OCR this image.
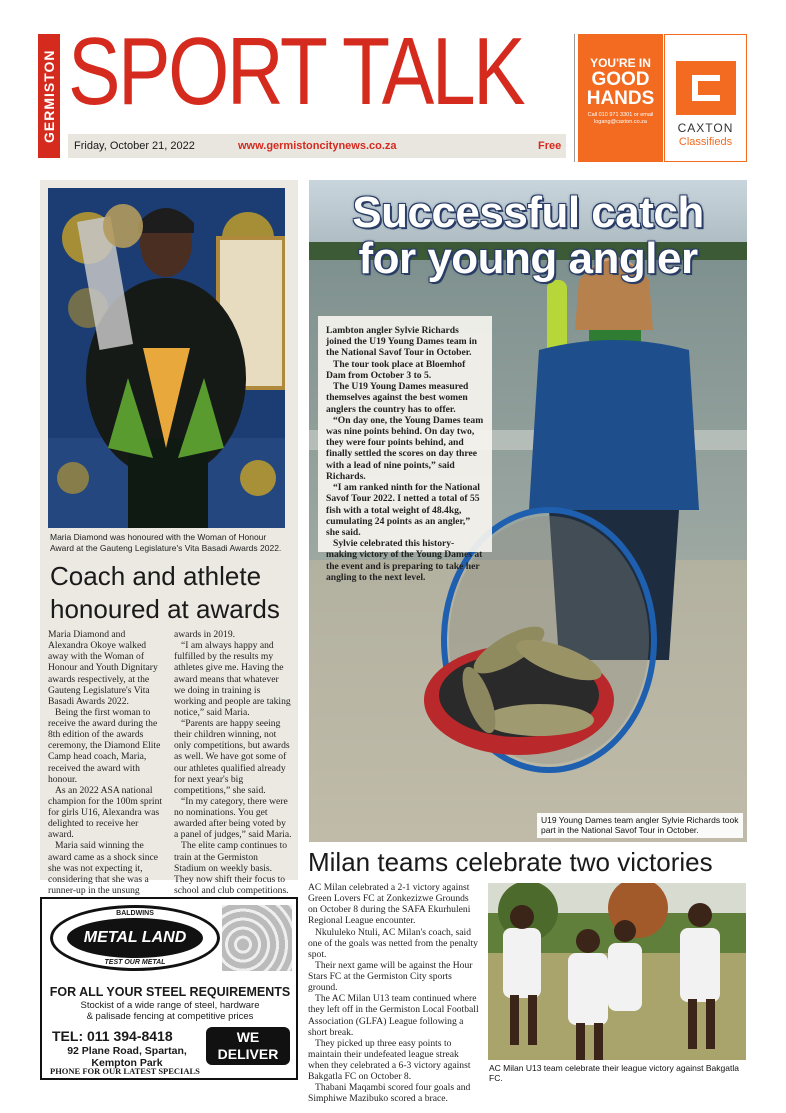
GERMISTON SPORT TALK
Friday, October 21, 2022	www.germistoncitynews.co.za	Free
YOU'RE IN
GOOD
HANDS
Call 010 971 3301 or email
logang@caxton.co.za	CAXTON
Classifieds
Maria Diamond was honoured with the Woman of Honour Award at the Gauteng Legislature's Vita Basadi Awards 2022.
Coach and athlete honoured at awards

Maria Diamond and Alexandra Okoye walked away with the Woman of Honour and Youth Dignitary awards respectively, at the Gauteng Legislature's Vita Basadi Awards 2022.

Being the first woman to receive the award during the 8th edition of the awards ceremony, the Diamond Elite Camp head coach, Maria, received the award with honour.

As an 2022 ASA national champion for the 100m sprint for girls U16, Alexandra was delighted to receive her award.

Maria said winning the award came as a shock since she was not expecting it, considering that she was a runner-up in the unsung

awards in 2019.

“I am always happy and fulfilled by the results my athletes give me. Having the award means that whatever we doing in training is working and people are taking notice,” said Maria.

“Parents are happy seeing their children winning, not only competitions, but awards as well. We have got some of our athletes qualified already for next year's big competitions,” she said.

“In my category, there were no nominations. You get awarded after being voted by a panel of judges,” said Maria.

The elite camp continues to train at the Germiston Stadium on weekly basis. They now shift their focus to school and club competitions.

Successful catch for young angler

Lambton angler Sylvie Richards joined the U19 Young Dames team in the National Savof Tour in October.

The tour took place at Bloemhof Dam from October 3 to 5.

The U19 Young Dames measured themselves against the best women anglers the country has to offer.

“On day one, the Young Dames team was nine points behind. On day two, they were four points behind, and finally settled the scores on day three with a lead of nine points,” said Richards.

“I am ranked ninth for the National Savof Tour 2022. I netted a total of 55 fish with a total weight of 48.4kg, cumulating 24 points as an angler,” she said.

Sylvie celebrated this history-making victory of the Young Dames at the event and is preparing to take her angling to the next level.

U19 Young Dames team angler Sylvie Richards took part in the National Savof Tour in October.
Milan teams celebrate two victories

AC Milan celebrated a 2-1 victory against Green Lovers FC at Zonkezizwe Grounds on October 8 during the SAFA Ekurhuleni Regional League encounter.

Nkululeko Ntuli, AC Milan's coach, said one of the goals was netted from the penalty spot.

Their next game will be against the Hour Stars FC at the Germiston City sports ground.

The AC Milan U13 team continued where they left off in the Germiston Local Football Association (GLFA) League following a short break.

They picked up three easy points to maintain their undefeated league streak when they celebrated a 6-3 victory against Bakgatla FC on October 8.

Thabani Maqambi scored four goals and Simphiwe Mazibuko scored a brace.

AC Milan U13 team celebrate their league victory against Bakgatla FC.
BALDWINS
METAL LAND
TEST OUR METAL
FOR ALL YOUR STEEL REQUIREMENTS
Stockist of a wide range of steel, hardware
& palisade fencing at competitive prices
TEL: 011 394-8418
92 Plane Road, Spartan,
Kempton Park
WE
DELIVER
PHONE FOR OUR LATEST SPECIALS
